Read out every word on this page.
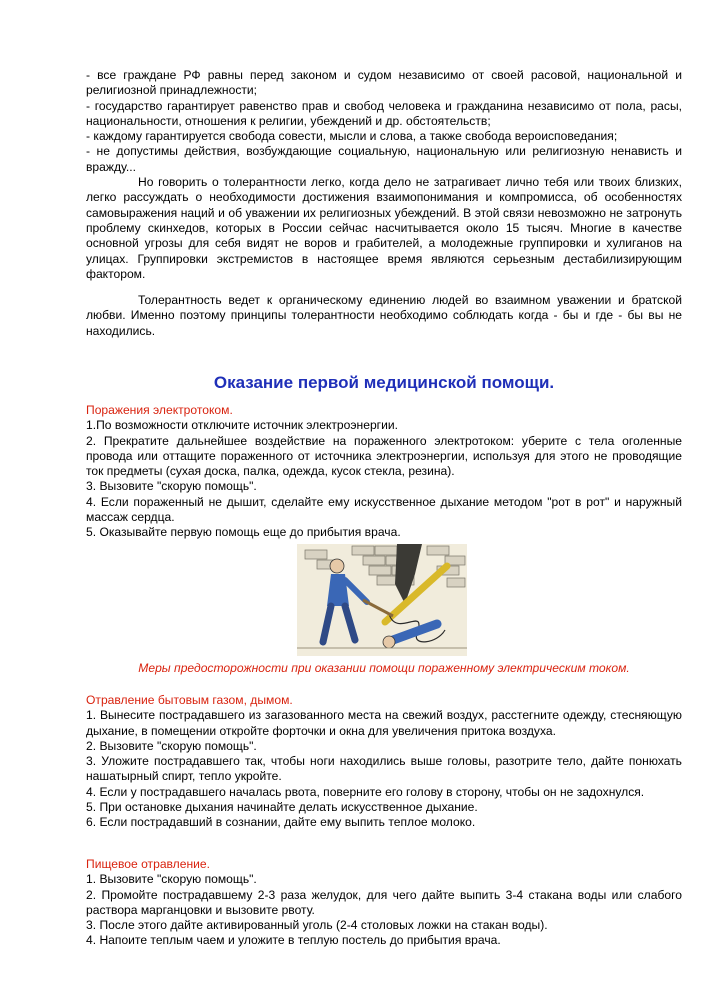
- все граждане РФ равны перед законом и судом независимо от своей расовой, национальной и религиозной принадлежности;

- государство гарантирует равенство прав и свобод человека и гражданина независимо от пола, расы, национальности, отношения к религии, убеждений и др. обстоятельств;

- каждому гарантируется свобода совести, мысли и слова, а также свобода вероисповедания;

- не допустимы действия, возбуждающие социальную, национальную или религиозную ненависть и вражду...

Но говорить о толерантности легко, когда дело не затрагивает лично тебя или твоих близких, легко рассуждать о необходимости достижения взаимопонимания и компромисса, об особенностях самовыражения наций и об уважении их религиозных убеждений. В этой связи невозможно не затронуть проблему скинхедов, которых в России сейчас насчитывается около 15 тысяч. Многие в качестве основной угрозы для себя видят не воров и грабителей, а молодежные группировки и хулиганов на улицах. Группировки экстремистов в настоящее время являются серьезным дестабилизирующим фактором.

Толерантность ведет к органическому единению людей во взаимном уважении и братской любви. Именно поэтому принципы толерантности необходимо соблюдать когда - бы и где - бы вы не находились.

Оказание первой медицинской помощи.

Поражения электротоком.

1.По возможности отключите источник электроэнергии.

2. Прекратите дальнейшее воздействие на пораженного электротоком: уберите с тела оголенные провода или оттащите пораженного от источника электроэнергии, используя для этого не проводящие ток предметы (сухая доска, палка, одежда, кусок стекла, резина).

3. Вызовите "скорую помощь".

4. Если пораженный не дышит, сделайте ему искусственное дыхание методом "рот в рот" и наружный массаж сердца.

5. Оказывайте первую помощь еще до прибытия врача.

Меры предосторожности при оказании помощи пораженному электрическим током.

Отравление бытовым газом, дымом.

1. Вынесите пострадавшего из загазованного места на свежий воздух, расстегните одежду, стесняющую дыхание, в помещении откройте форточки и окна для увеличения притока воздуха.

2. Вызовите "скорую помощь".

3. Уложите пострадавшего так, чтобы ноги находились выше головы, разотрите тело, дайте понюхать нашатырный спирт, тепло укройте.

4. Если у пострадавшего началась рвота, поверните его голову в сторону, чтобы он не задохнулся.

5. При остановке дыхания начинайте делать искусственное дыхание.

6. Если пострадавший в сознании, дайте ему выпить теплое молоко.

Пищевое отравление.

1. Вызовите "скорую помощь".

2. Промойте пострадавшему 2-3 раза желудок, для чего дайте выпить 3-4 стакана воды или слабого раствора марганцовки и вызовите рвоту.

3. После этого дайте активированный уголь (2-4 столовых ложки на стакан воды).

4. Напоите теплым чаем и уложите в теплую постель до прибытия врача.
